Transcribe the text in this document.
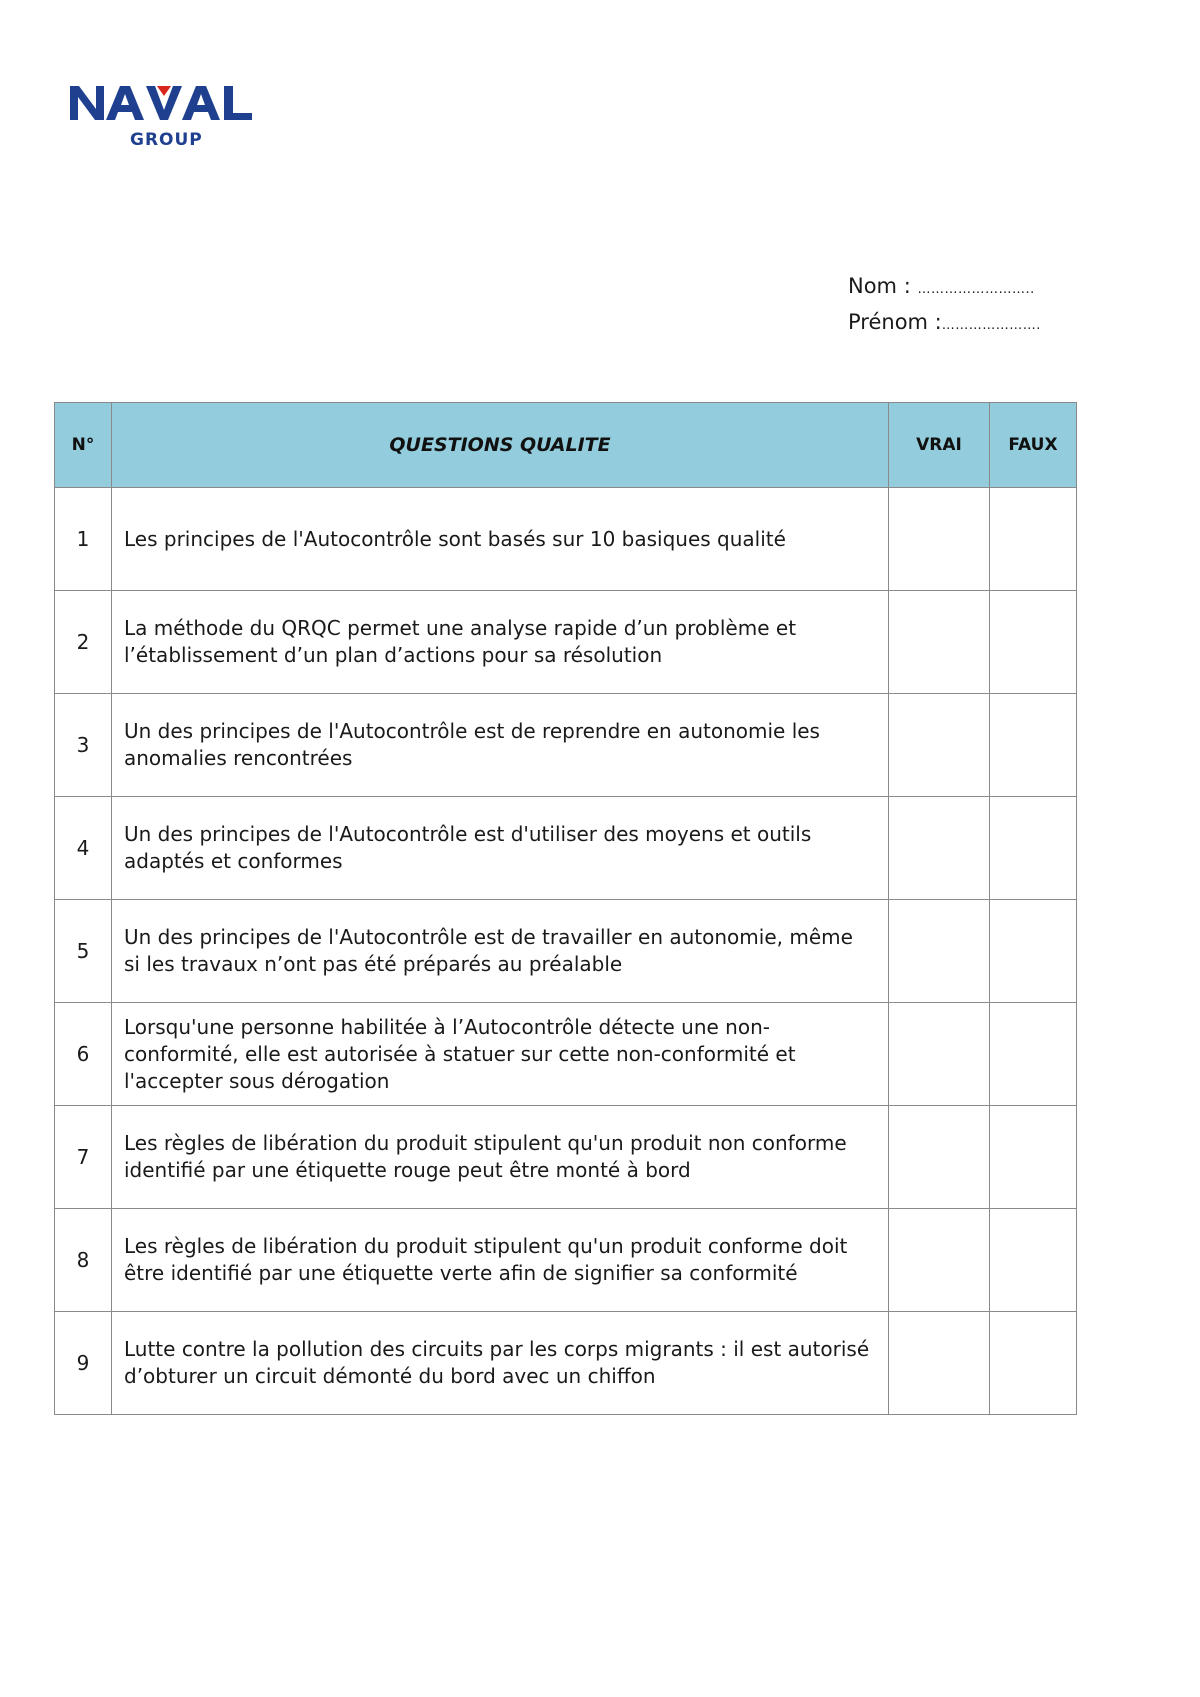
GROUP
Nom : ……………………..
Prénom :………………….
N°	QUESTIONS QUALITE	VRAI	FAUX
1	Les principes de l'Autocontrôle sont basés sur 10 basiques qualité		
2	La méthode du QRQC permet une analyse rapide d’un problème et l’établissement d’un plan d’actions pour sa résolution		
3	Un des principes de l'Autocontrôle est de reprendre en autonomie les anomalies rencontrées		
4	Un des principes de l'Autocontrôle est d'utiliser des moyens et outils adaptés et conformes		
5	Un des principes de l'Autocontrôle est de travailler en autonomie, même si les travaux n’ont pas été préparés au préalable		
6	Lorsqu'une personne habilitée à l’Autocontrôle détecte une non-conformité, elle est autorisée à statuer sur cette non-conformité et l'accepter sous dérogation		
7	Les règles de libération du produit stipulent qu'un produit non conforme identifié par une étiquette rouge peut être monté à bord		
8	Les règles de libération du produit stipulent qu'un produit conforme doit être identifié par une étiquette verte afin de signifier sa conformité		
9	Lutte contre la pollution des circuits par les corps migrants : il est autorisé d’obturer un circuit démonté du bord avec un chiffon		
